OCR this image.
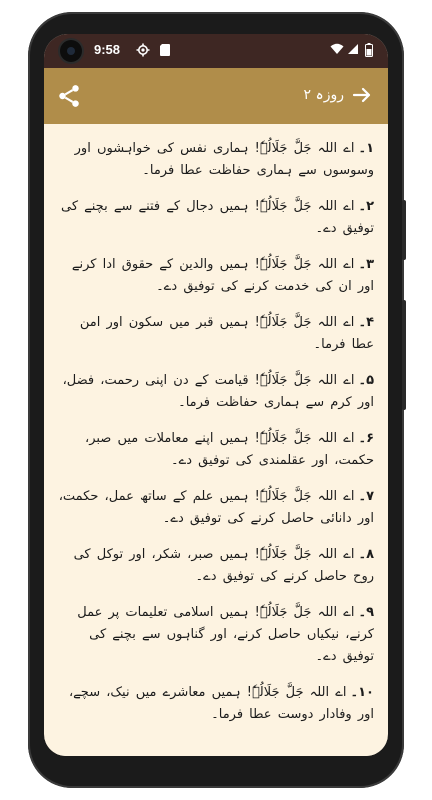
9:58
روزہ ۲
۱۔اے اللہ جَلَّ جَلَالُہٗ! ہماری نفس کی خواہشوں اور وسوسوں سے ہماری حفاظت عطا فرما۔
۲۔اے اللہ جَلَّ جَلَالُہٗ! ہمیں دجال کے فتنے سے بچنے کی توفیق دے۔
۳۔اے اللہ جَلَّ جَلَالُہٗ! ہمیں والدین کے حقوق ادا کرنے اور ان کی خدمت کرنے کی توفیق دے۔
۴۔اے اللہ جَلَّ جَلَالُہٗ! ہمیں قبر میں سکون اور امن عطا فرما۔
۵۔اے اللہ جَلَّ جَلَالُہٗ! قیامت کے دن اپنی رحمت، فضل، اور کرم سے ہماری حفاظت فرما۔
۶۔اے اللہ جَلَّ جَلَالُہٗ! ہمیں اپنے معاملات میں صبر، حکمت، اور عقلمندی کی توفیق دے۔
۷۔اے اللہ جَلَّ جَلَالُہٗ! ہمیں علم کے ساتھ عمل، حکمت، اور دانائی حاصل کرنے کی توفیق دے۔
۸۔اے اللہ جَلَّ جَلَالُہٗ! ہمیں صبر، شکر، اور توکل کی روح حاصل کرنے کی توفیق دے۔
۹۔اے اللہ جَلَّ جَلَالُہٗ! ہمیں اسلامی تعلیمات پر عمل کرنے، نیکیاں حاصل کرنے، اور گناہوں سے بچنے کی توفیق دے۔
۱۰۔اے اللہ جَلَّ جَلَالُہٗ! ہمیں معاشرے میں نیک، سچے، اور وفادار دوست عطا فرما۔
